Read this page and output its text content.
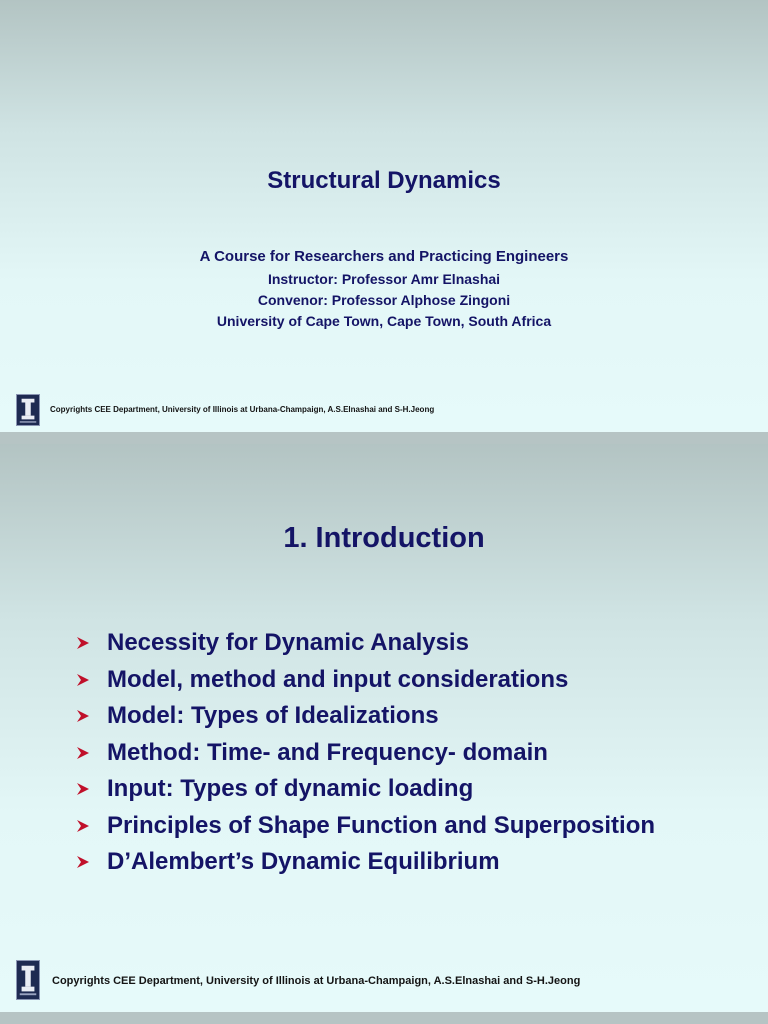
Structural Dynamics
A Course for Researchers and Practicing Engineers
Instructor: Professor Amr Elnashai
Convenor: Professor Alphose Zingoni
University of Cape Town, Cape Town, South Africa
Copyrights CEE Department, University of Illinois at Urbana-Champaign, A.S.Elnashai and S-H.Jeong
1. Introduction
Necessity for Dynamic Analysis
Model, method and input considerations
Model: Types of Idealizations
Method: Time- and Frequency- domain
Input: Types of dynamic loading
Principles of Shape Function and Superposition
D’Alembert’s Dynamic Equilibrium
Copyrights CEE Department, University of Illinois at Urbana-Champaign, A.S.Elnashai and S-H.Jeong
